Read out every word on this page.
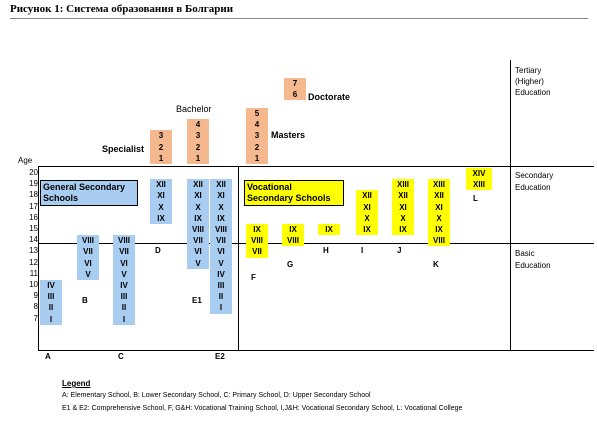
Рисунок 1: Система образования в Болгарии
Age
Tertiary
(Higher)
Education
Secondary
Education
Basic
Education
Bachelor
Specialist
Masters
Doctorate
General Secondary
Schools
Vocational
Secondary Schools
20
19
18
17
16
15
14
13
12
11
10
9
8
7
IV
III
II
I
A
VIII
VII
VI
V
B
VIII
VII
VI
V
IV
III
II
I
C
XII
XI
X
IX
D
XII
XI
X
IX
VIII
VII
VI
V
E1
XII
XI
X
IX
VIII
VII
VI
V
IV
III
II
I
E2
IX
VIII
VII
F
IX
VIII
G
IX
H
XII
XI
X
IX
I
XIII
XII
XI
X
IX
J
XIII
XII
XI
X
IX
VIII
K
XIV
XIII
L
3
2
1
4
3
2
1
5
4
3
2
1
7
6
Legend
A: Elementary School, B: Lower Secondary School, C: Primary School, D: Upper Secondary School
E1 & E2: Comprehensive School, F, G&H: Vocational Training School, I,J&H: Vocational Secondary School, L: Vocational College
